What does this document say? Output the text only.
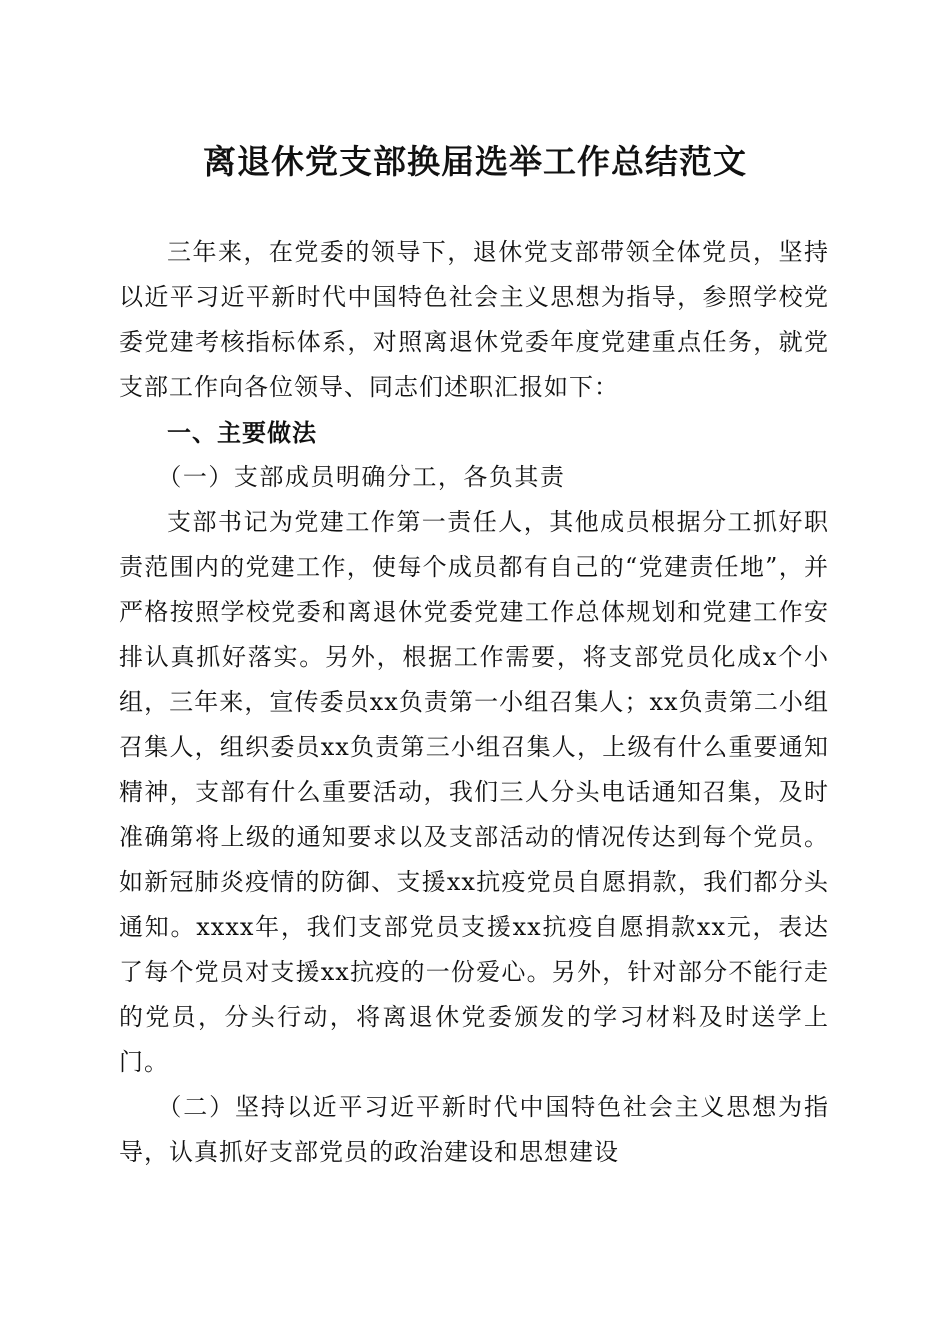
离退休党支部换届选举工作总结范文

三年来，在党委的领导下，退休党支部带领全体党员，坚持以近平习近平新时代中国特色社会主义思想为指导，参照学校党委党建考核指标体系，对照离退休党委年度党建重点任务，就党支部工作向各位领导、同志们述职汇报如下：

一、主要做法

（一）支部成员明确分工，各负其责

支部书记为党建工作第一责任人，其他成员根据分工抓好职责范围内的党建工作，使每个成员都有自己的“党建责任地”，并严格按照学校党委和离退休党委党建工作总体规划和党建工作安排认真抓好落实。另外，根据工作需要，将支部党员化成x个小组，三年来，宣传委员xx负责第一小组召集人；xx负责第二小组召集人，组织委员xx负责第三小组召集人，上级有什么重要通知精神，支部有什么重要活动，我们三人分头电话通知召集，及时准确第将上级的通知要求以及支部活动的情况传达到每个党员。如新冠肺炎疫情的防御、支援xx抗疫党员自愿捐款，我们都分头通知。xxxx年，我们支部党员支援xx抗疫自愿捐款xx元，表达了每个党员对支援xx抗疫的一份爱心。另外，针对部分不能行走的党员，分头行动，将离退休党委颁发的学习材料及时送学上门。

（二）坚持以近平习近平新时代中国特色社会主义思想为指导，认真抓好支部党员的政治建设和思想建设
